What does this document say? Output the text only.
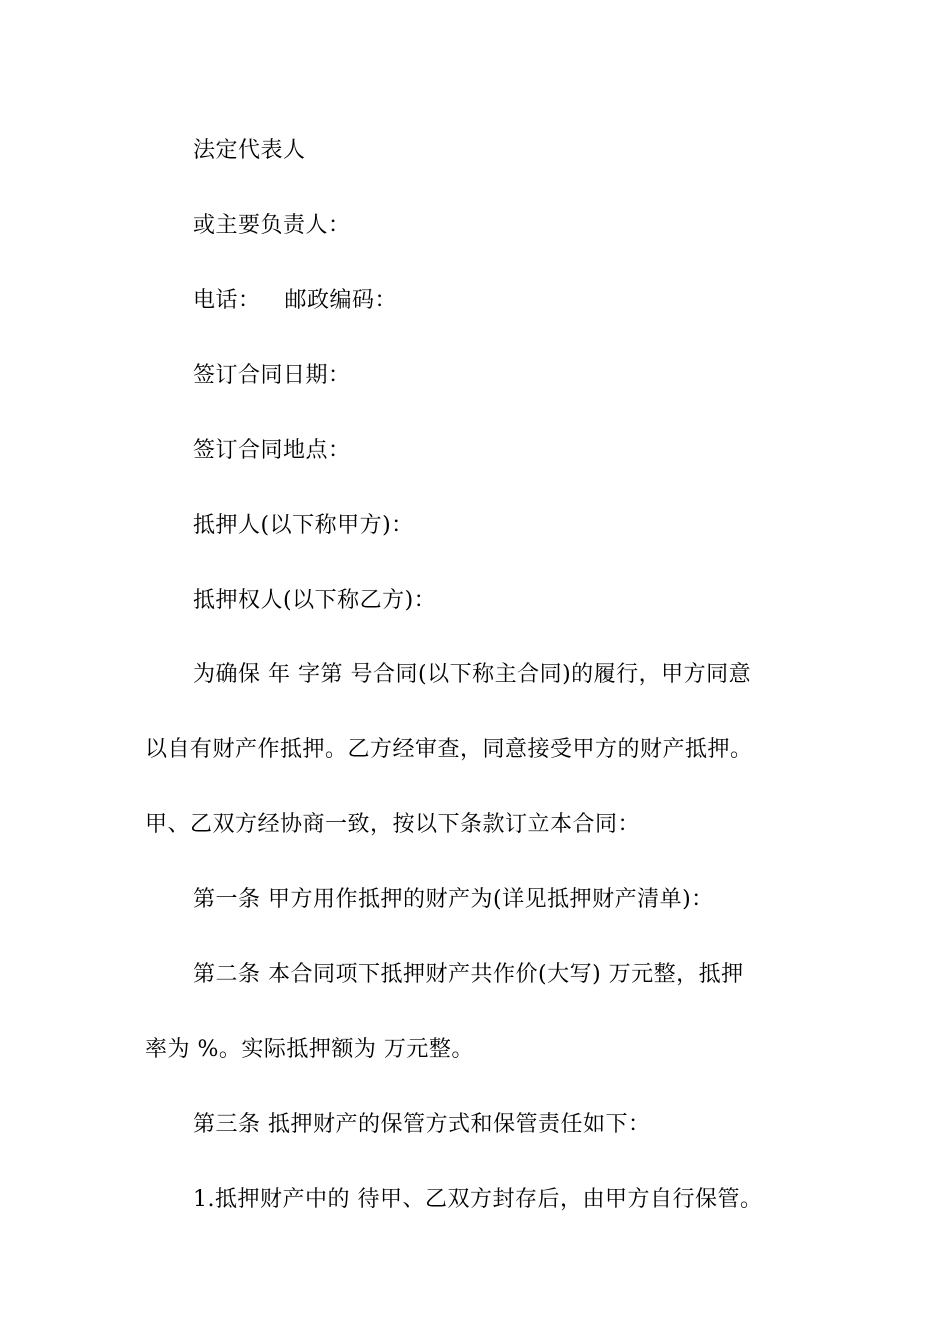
法定代表人
或主要负责人：
电话： 邮政编码：
签订合同日期：
签订合同地点：
抵押人(以下称甲方)：
抵押权人(以下称乙方)：
为确保 年 字第 号合同(以下称主合同)的履行，甲方同意
以自有财产作抵押。乙方经审查，同意接受甲方的财产抵押。
甲、乙双方经协商一致，按以下条款订立本合同：
第一条 甲方用作抵押的财产为(详见抵押财产清单)：
第二条 本合同项下抵押财产共作价(大写) 万元整，抵押
率为 %。实际抵押额为 万元整。
第三条 抵押财产的保管方式和保管责任如下：
1.抵押财产中的 待甲、乙双方封存后，由甲方自行保管。
